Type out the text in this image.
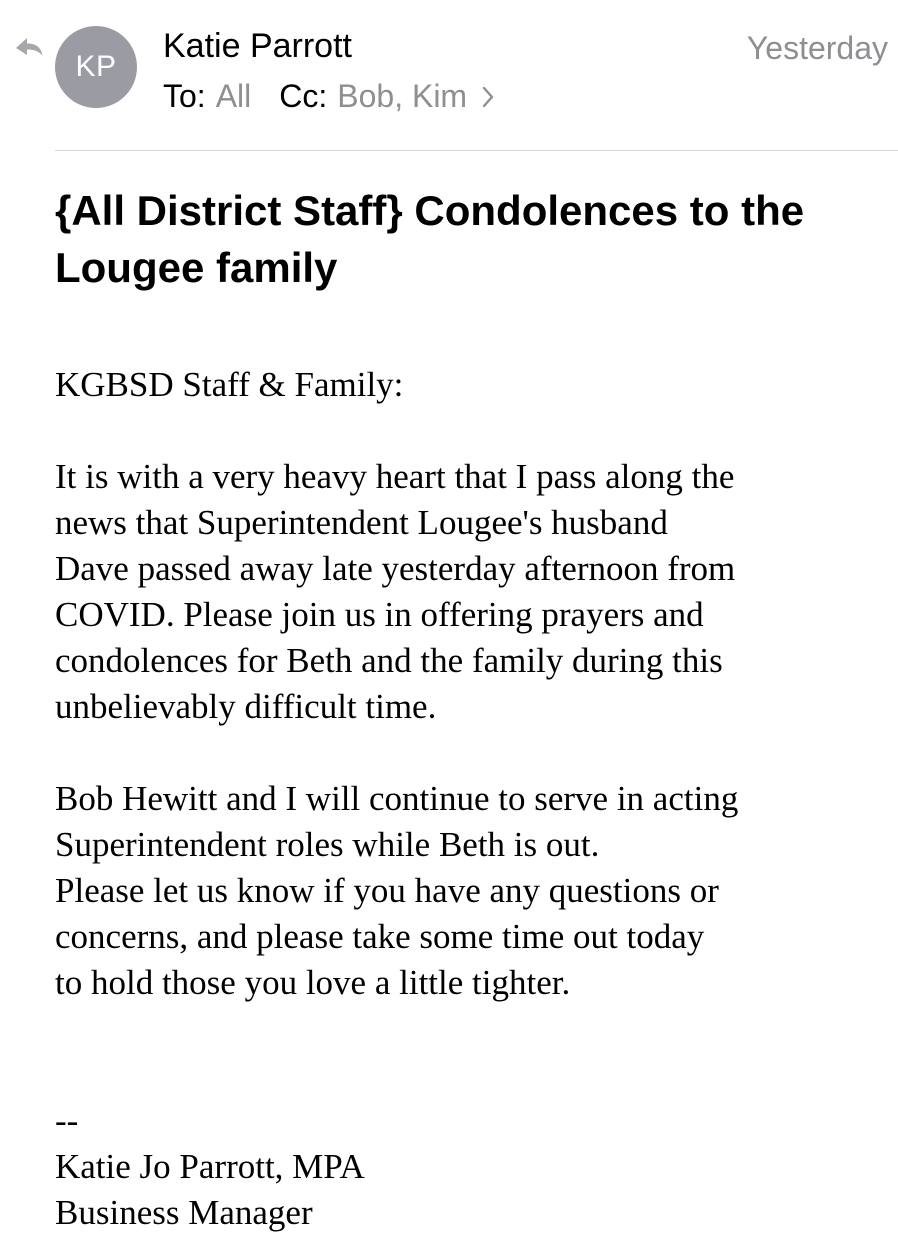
KP
Katie Parrott	Yesterday
To: All Cc: Bob, Kim
{All District Staff} Condolences to the Lougee family

KGBSD Staff & Family:

It is with a very heavy heart that I pass along the
news that Superintendent Lougee's husband
Dave passed away late yesterday afternoon from
COVID. Please join us in offering prayers and
condolences for Beth and the family during this
unbelievably difficult time.

Bob Hewitt and I will continue to serve in acting
Superintendent roles while Beth is out.
Please let us know if you have any questions or
concerns, and please take some time out today
to hold those you love a little tighter.

--

Katie Jo Parrott, MPA

Business Manager
